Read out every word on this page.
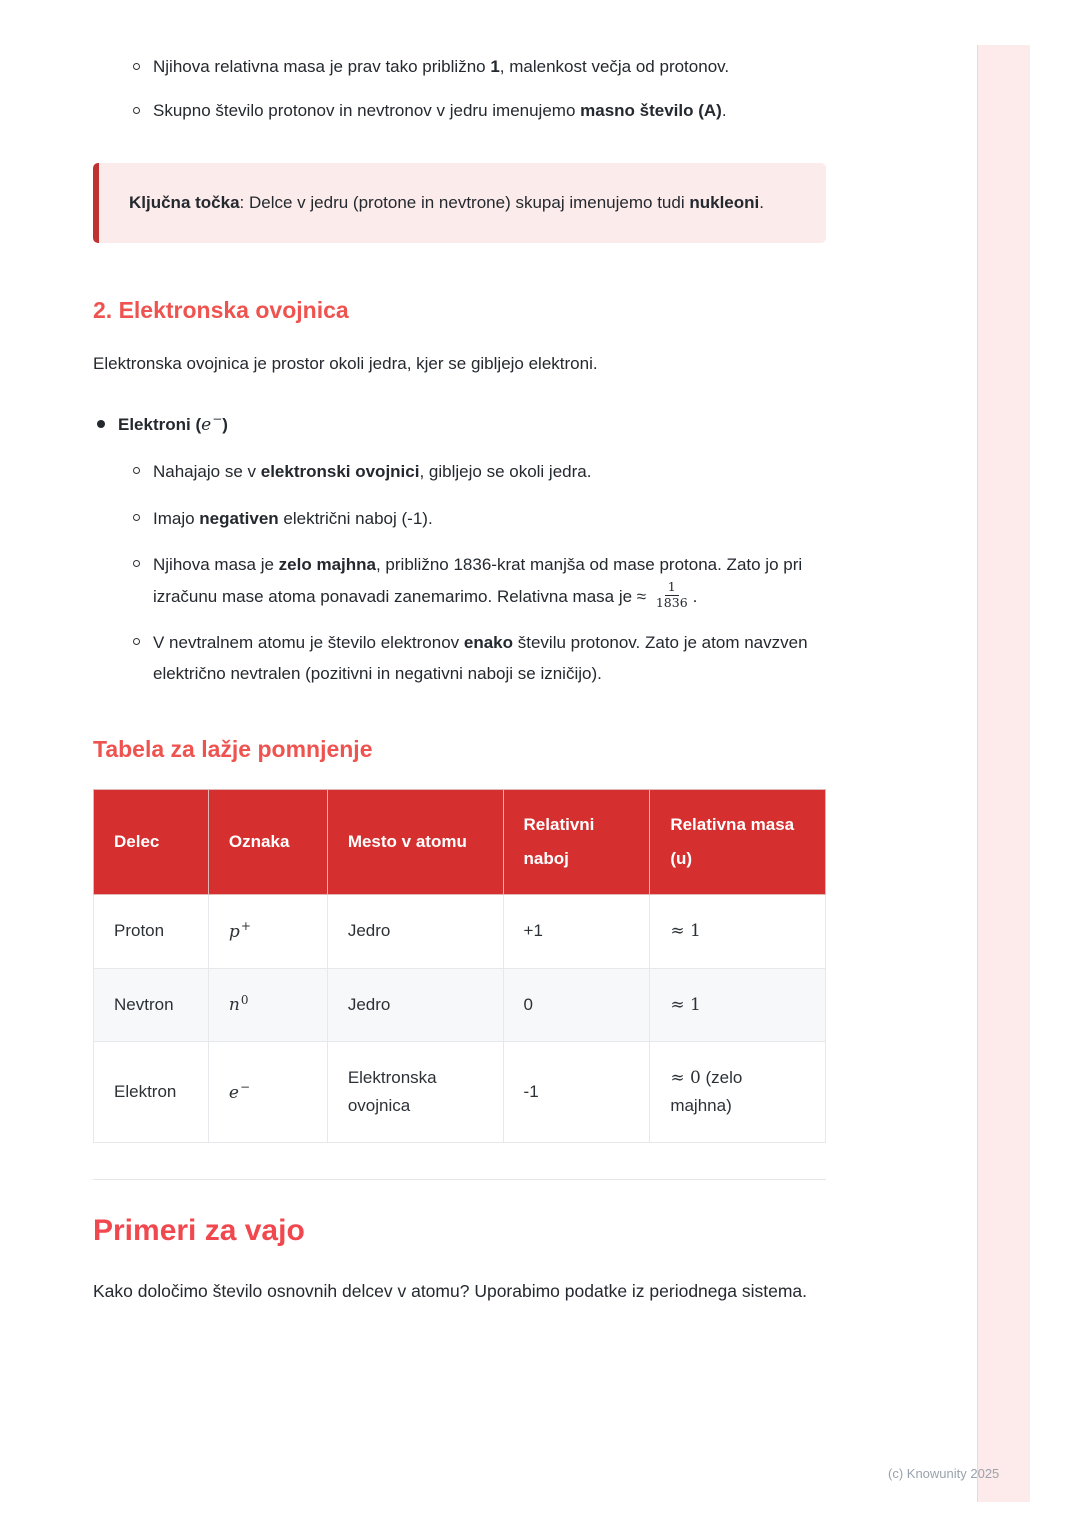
Njihova relativna masa je prav tako približno 1, malenkost večja od protonov.
Skupno število protonov in nevtronov v jedru imenujemo masno število (A).
Ključna točka: Delce v jedru (protone in nevtrone) skupaj imenujemo tudi nukleoni.
2. Elektronska ovojnica

Elektronska ovojnica je prostor okoli jedra, kjer se gibljejo elektroni.

Elektroni (e−)
Nahajajo se v elektronski ovojnici, gibljejo se okoli jedra.
Imajo negativen električni naboj (-1).
Njihova masa je zelo majhna, približno 1836-krat manjša od mase protona. Zato jo pri izračunu mase atoma ponavadi zanemarimo. Relativna masa je ≈ $\frac{1}{1836}$ .
V nevtralnem atomu je število elektronov enako številu protonov. Zato je atom navzven električno nevtralen (pozitivni in negativni naboji se izničijo).
Tabela za lažje pomnjenje
Delec	Oznaka	Mesto v atomu	Relativni naboj	Relativna masa (u)
Proton	p+	Jedro	+1	≈ 1
Nevtron	$n^0$	Jedro	0	≈ 1
Elektron	e−	Elektronska ovojnica	-1	≈ 0 (zelo majhna)
Primeri za vajo

Kako določimo število osnovnih delcev v atomu? Uporabimo podatke iz periodnega sistema.

(c) Knowunity 2025
